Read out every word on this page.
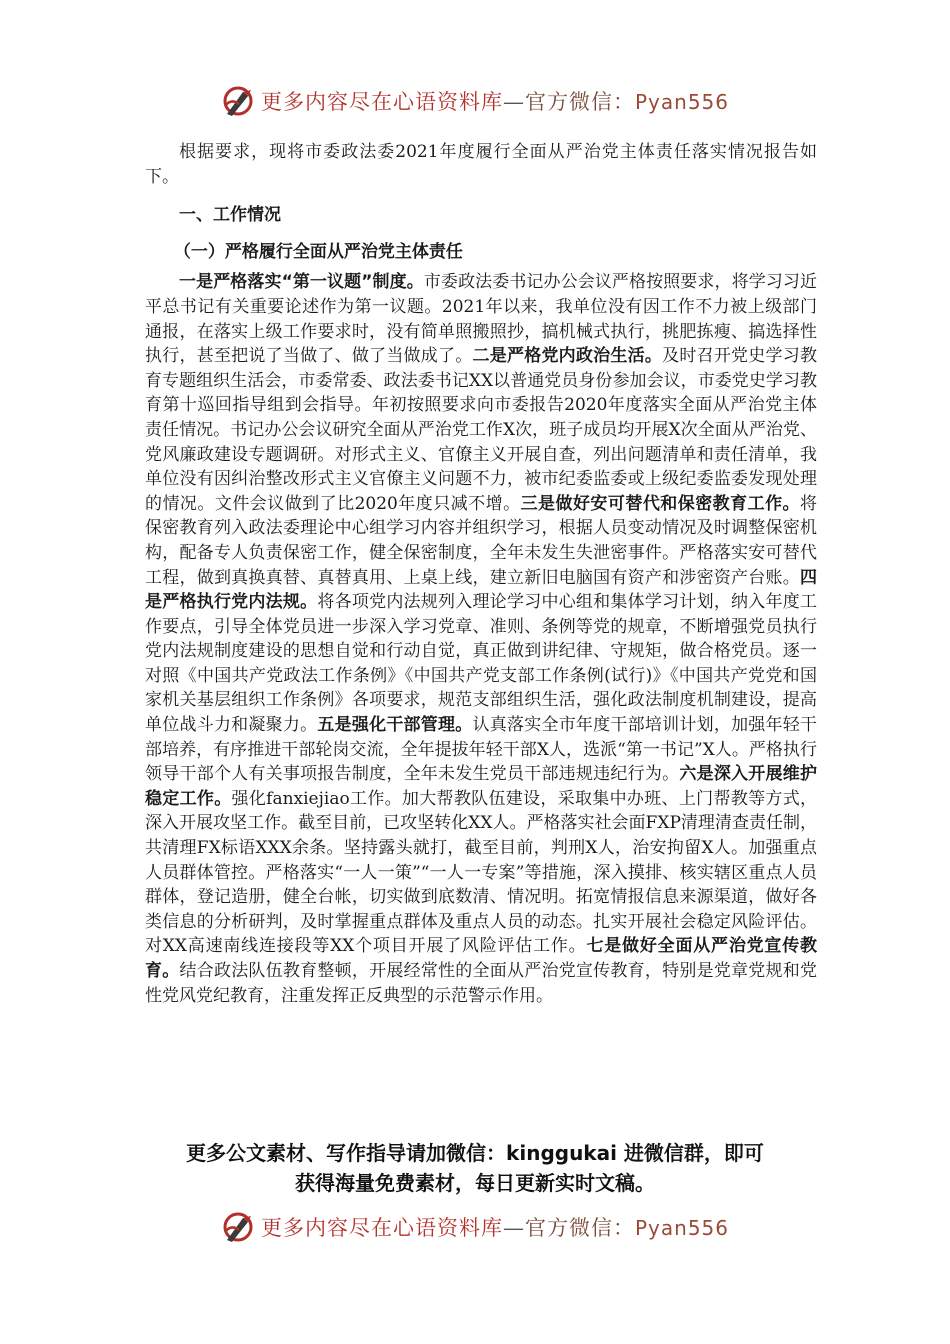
更多内容尽在心语资料库—官方微信：Pyan556

根据要求，现将市委政法委2021年度履行全面从严治党主体责任落实情况报告如下。

一、工作情况

（一）严格履行全面从严治党主体责任

一是严格落实“第一议题”制度。市委政法委书记办公会议严格按照要求，将学习习近平总书记有关重要论述作为第一议题。2021年以来，我单位没有因工作不力被上级部门通报，在落实上级工作要求时，没有简单照搬照抄，搞机械式执行，挑肥拣瘦、搞选择性执行，甚至把说了当做了、做了当做成了。二是严格党内政治生活。及时召开党史学习教育专题组织生活会，市委常委、政法委书记XX以普通党员身份参加会议，市委党史学习教育第十巡回指导组到会指导。年初按照要求向市委报告2020年度落实全面从严治党主体责任情况。书记办公会议研究全面从严治党工作X次，班子成员均开展X次全面从严治党、党风廉政建设专题调研。对形式主义、官僚主义开展自查，列出问题清单和责任清单，我单位没有因纠治整改形式主义官僚主义问题不力，被市纪委监委或上级纪委监委发现处理的情况。文件会议做到了比2020年度只减不增。三是做好安可替代和保密教育工作。将保密教育列入政法委理论中心组学习内容并组织学习，根据人员变动情况及时调整保密机构，配备专人负责保密工作，健全保密制度，全年未发生失泄密事件。严格落实安可替代工程，做到真换真替、真替真用、上桌上线，建立新旧电脑国有资产和涉密资产台账。四是严格执行党内法规。将各项党内法规列入理论学习中心组和集体学习计划，纳入年度工作要点，引导全体党员进一步深入学习党章、准则、条例等党的规章，不断增强党员执行党内法规制度建设的思想自觉和行动自觉，真正做到讲纪律、守规矩，做合格党员。逐一对照《中国共产党政法工作条例》《中国共产党支部工作条例(试行)》《中国共产党党和国家机关基层组织工作条例》各项要求，规范支部组织生活，强化政法制度机制建设，提高单位战斗力和凝聚力。五是强化干部管理。认真落实全市年度干部培训计划，加强年轻干部培养，有序推进干部轮岗交流，全年提拔年轻干部X人，选派“第一书记”X人。严格执行领导干部个人有关事项报告制度，全年未发生党员干部违规违纪行为。六是深入开展维护稳定工作。强化fanxiejiao工作。加大帮教队伍建设，采取集中办班、上门帮教等方式，深入开展攻坚工作。截至目前，已攻坚转化XX人。严格落实社会面FXP清理清查责任制，共清理FX标语XXX余条。坚持露头就打，截至目前，判刑X人，治安拘留X人。加强重点人员群体管控。严格落实“一人一策”“一人一专案”等措施，深入摸排、核实辖区重点人员群体，登记造册，健全台帐，切实做到底数清、情况明。拓宽情报信息来源渠道，做好各类信息的分析研判，及时掌握重点群体及重点人员的动态。扎实开展社会稳定风险评估。对XX高速南线连接段等XX个项目开展了风险评估工作。七是做好全面从严治党宣传教育。结合政法队伍教育整顿，开展经常性的全面从严治党宣传教育，特别是党章党规和党性党风党纪教育，注重发挥正反典型的示范警示作用。

更多公文素材、写作指导请加微信：kinggukai 进微信群，即可
获得海量免费素材，每日更新实时文稿。
更多内容尽在心语资料库—官方微信：Pyan556
